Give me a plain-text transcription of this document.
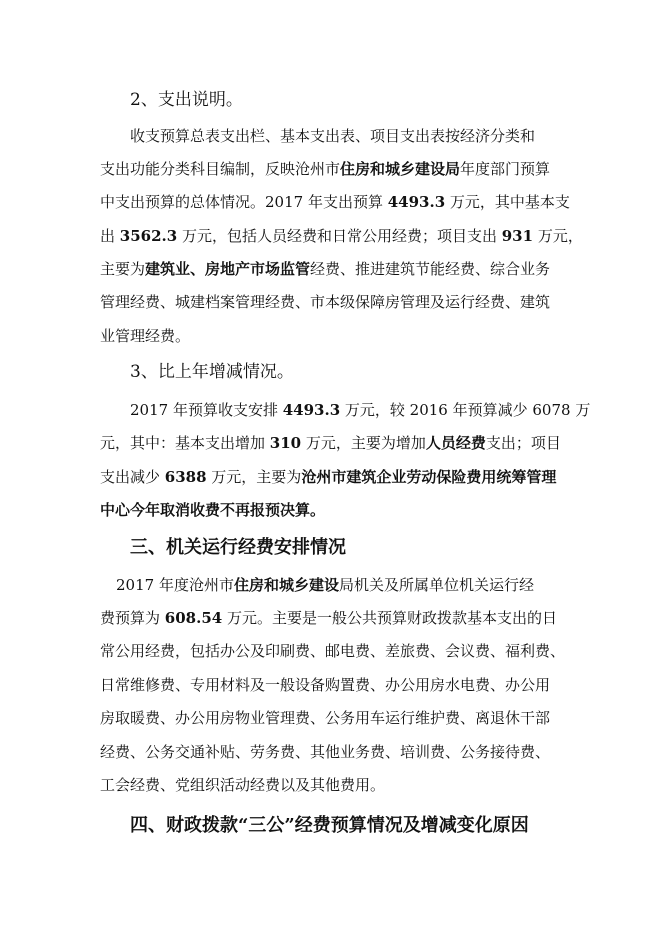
2、支出说明。
收支预算总表支出栏、基本支出表、项目支出表按经济分类和
支出功能分类科目编制，反映沧州市住房和城乡建设局年度部门预算
中支出预算的总体情况。2017 年支出预算 4493.3 万元，其中基本支
出 3562.3 万元，包括人员经费和日常公用经费；项目支出 931 万元，
主要为建筑业、房地产市场监管经费、推进建筑节能经费、综合业务
管理经费、城建档案管理经费、市本级保障房管理及运行经费、建筑
业管理经费。
3、比上年增减情况。
2017 年预算收支安排 4493.3 万元，较 2016 年预算减少 6078 万
元，其中：基本支出增加 310 万元，主要为增加人员经费支出；项目
支出减少 6388 万元，主要为沧州市建筑企业劳动保险费用统筹管理
中心今年取消收费不再报预决算。
三、机关运行经费安排情况
2017 年度沧州市住房和城乡建设局机关及所属单位机关运行经
费预算为 608.54 万元。主要是一般公共预算财政拨款基本支出的日
常公用经费，包括办公及印刷费、邮电费、差旅费、会议费、福利费、
日常维修费、专用材料及一般设备购置费、办公用房水电费、办公用
房取暖费、办公用房物业管理费、公务用车运行维护费、离退休干部
经费、公务交通补贴、劳务费、其他业务费、培训费、公务接待费、
工会经费、党组织活动经费以及其他费用。
四、财政拨款“三公”经费预算情况及增减变化原因
